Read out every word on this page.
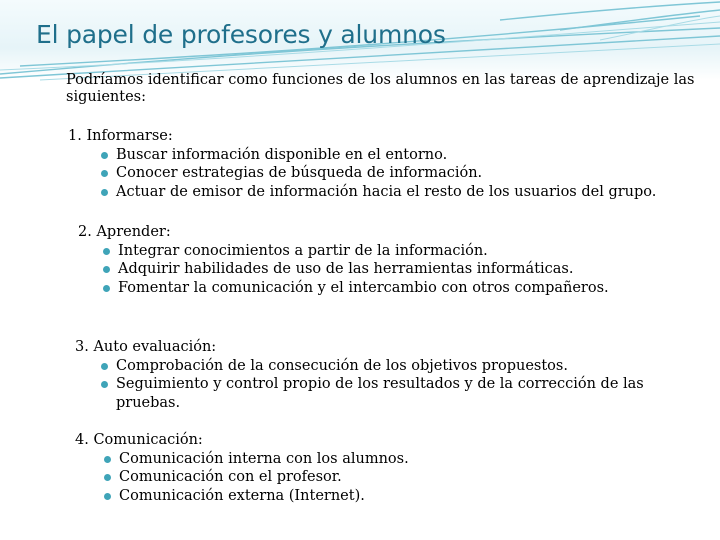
El papel de profesores y alumnos
Podríamos identificar como funciones de los alumnos en las tareas de aprendizaje las siguientes:
1. Informarse:
Buscar información disponible en el entorno.
Conocer estrategias de búsqueda de información.
Actuar de emisor de información hacia el resto de los usuarios del grupo.
2. Aprender:
Integrar conocimientos a partir de la información.
Adquirir habilidades de uso de las herramientas informáticas.
Fomentar la comunicación y el intercambio con otros compañeros.
3. Auto evaluación:
Comprobación de la consecución de los objetivos propuestos.
Seguimiento y control propio de los resultados y de la corrección de las pruebas.
4. Comunicación:
Comunicación interna con los alumnos.
Comunicación con el profesor.
Comunicación externa (Internet).
